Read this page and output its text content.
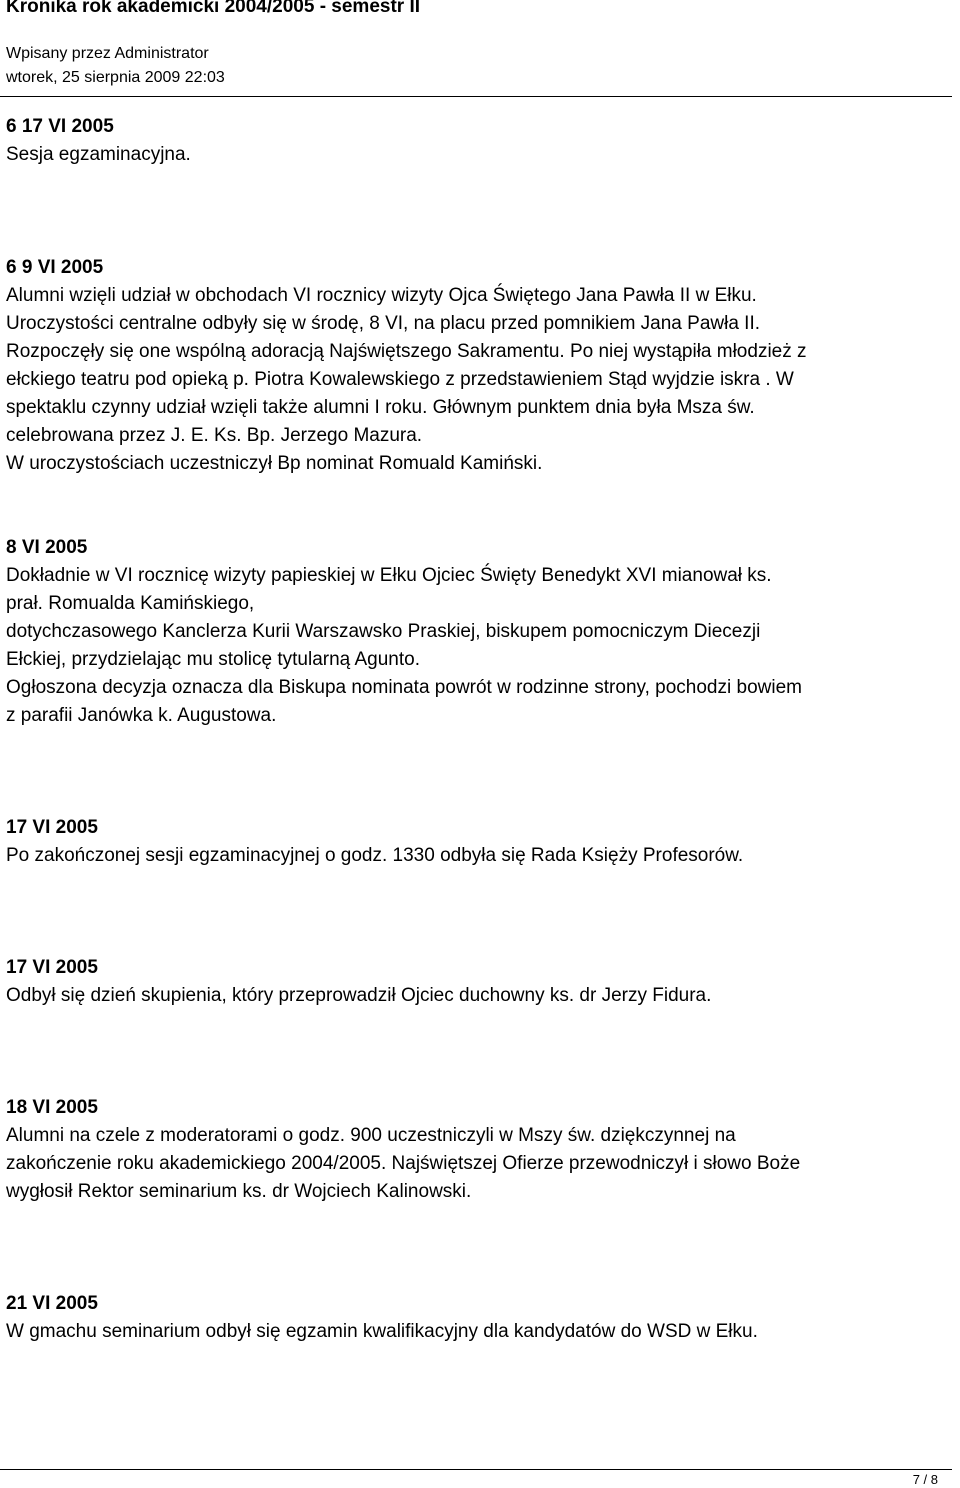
Kronika rok akademicki 2004/2005 - semestr II
Wpisany przez Administrator
wtorek, 25 sierpnia 2009 22:03

6 17 VI 2005

Sesja egzaminacyjna.

6 9 VI 2005

Alumni wzięli udział w obchodach VI rocznicy wizyty Ojca Świętego Jana Pawła II w Ełku.

Uroczystości centralne odbyły się w środę, 8 VI, na placu przed pomnikiem Jana Pawła II.

Rozpoczęły się one wspólną adoracją Najświętszego Sakramentu. Po niej wystąpiła młodzież z

ełckiego teatru pod opieką p. Piotra Kowalewskiego z przedstawieniem Stąd wyjdzie iskra . W

spektaklu czynny udział wzięli także alumni I roku. Głównym punktem dnia była Msza św.

celebrowana przez J. E. Ks. Bp. Jerzego Mazura.

W uroczystościach uczestniczył Bp nominat Romuald Kamiński.

8 VI 2005

Dokładnie w VI rocznicę wizyty papieskiej w Ełku Ojciec Święty Benedykt XVI mianował ks.

prał. Romualda Kamińskiego,

dotychczasowego Kanclerza Kurii Warszawsko Praskiej, biskupem pomocniczym Diecezji

Ełckiej, przydzielając mu stolicę tytularną Agunto.

Ogłoszona decyzja oznacza dla Biskupa nominata powrót w rodzinne strony, pochodzi bowiem

z parafii Janówka k. Augustowa.

17 VI 2005

Po zakończonej sesji egzaminacyjnej o godz. 1330 odbyła się Rada Księży Profesorów.

17 VI 2005

Odbył się dzień skupienia, który przeprowadził Ojciec duchowny ks. dr Jerzy Fidura.

18 VI 2005

Alumni na czele z moderatorami o godz. 900 uczestniczyli w Mszy św. dziękczynnej na

zakończenie roku akademickiego 2004/2005. Najświętszej Ofierze przewodniczył i słowo Boże

wygłosił Rektor seminarium ks. dr Wojciech Kalinowski.

21 VI 2005

W gmachu seminarium odbył się egzamin kwalifikacyjny dla kandydatów do WSD w Ełku.

7 / 8
